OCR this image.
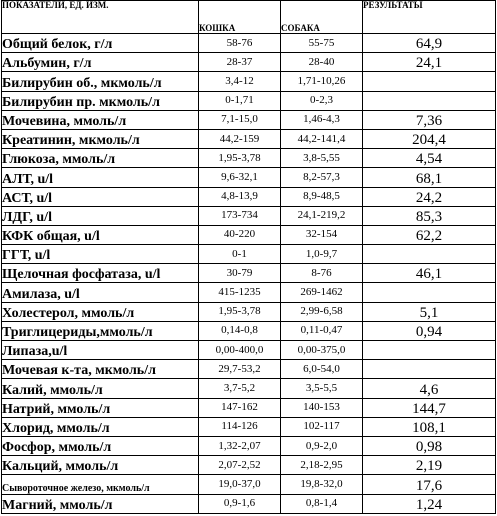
ПОКАЗАТЕЛИ, ЕД. ИЗМ.	КОШКА	СОБАКА	РЕЗУЛЬТАТЫ
Общий белок, г/л	58-76	55-75	64,9
Альбумин, г/л	28-37	28-40	24,1
Билирубин об., мкмоль/л	3,4-12	1,71-10,26	
Билирубин пр. мкмоль/л	0-1,71	0-2,3	
Мочевина, ммоль/л	7,1-15,0	1,46-4,3	7,36
Креатинин, мкмоль/л	44,2-159	44,2-141,4	204,4
Глюкоза, ммоль/л	1,95-3,78	3,8-5,55	4,54
АЛТ, u/l	9,6-32,1	8,2-57,3	68,1
АСТ, u/l	4,8-13,9	8,9-48,5	24,2
ЛДГ, u/l	173-734	24,1-219,2	85,3
КФК общая, u/l	40-220	32-154	62,2
ГГТ, u/l	0-1	1,0-9,7	
Щелочная фосфатаза, u/l	30-79	8-76	46,1
Амилаза, u/l	415-1235	269-1462	
Холестерол, ммоль/л	1,95-3,78	2,99-6,58	5,1
Триглицериды,ммоль/л	0,14-0,8	0,11-0,47	0,94
Липаза,u/l	0,00-400,0	0,00-375,0	
Мочевая к-та, мкмоль/л	29,7-53,2	6,0-54,0	
Калий, ммоль/л	3,7-5,2	3,5-5,5	4,6
Натрий, ммоль/л	147-162	140-153	144,7
Хлорид, ммоль/л	114-126	102-117	108,1
Фосфор, ммоль/л	1,32-2,07	0,9-2,0	0,98
Кальций, ммоль/л	2,07-2,52	2,18-2,95	2,19
Сывороточное железо, мкмоль/л	19,0-37,0	19,8-32,0	17,6
Магний, ммоль/л	0,9-1,6	0,8-1,4	1,24
